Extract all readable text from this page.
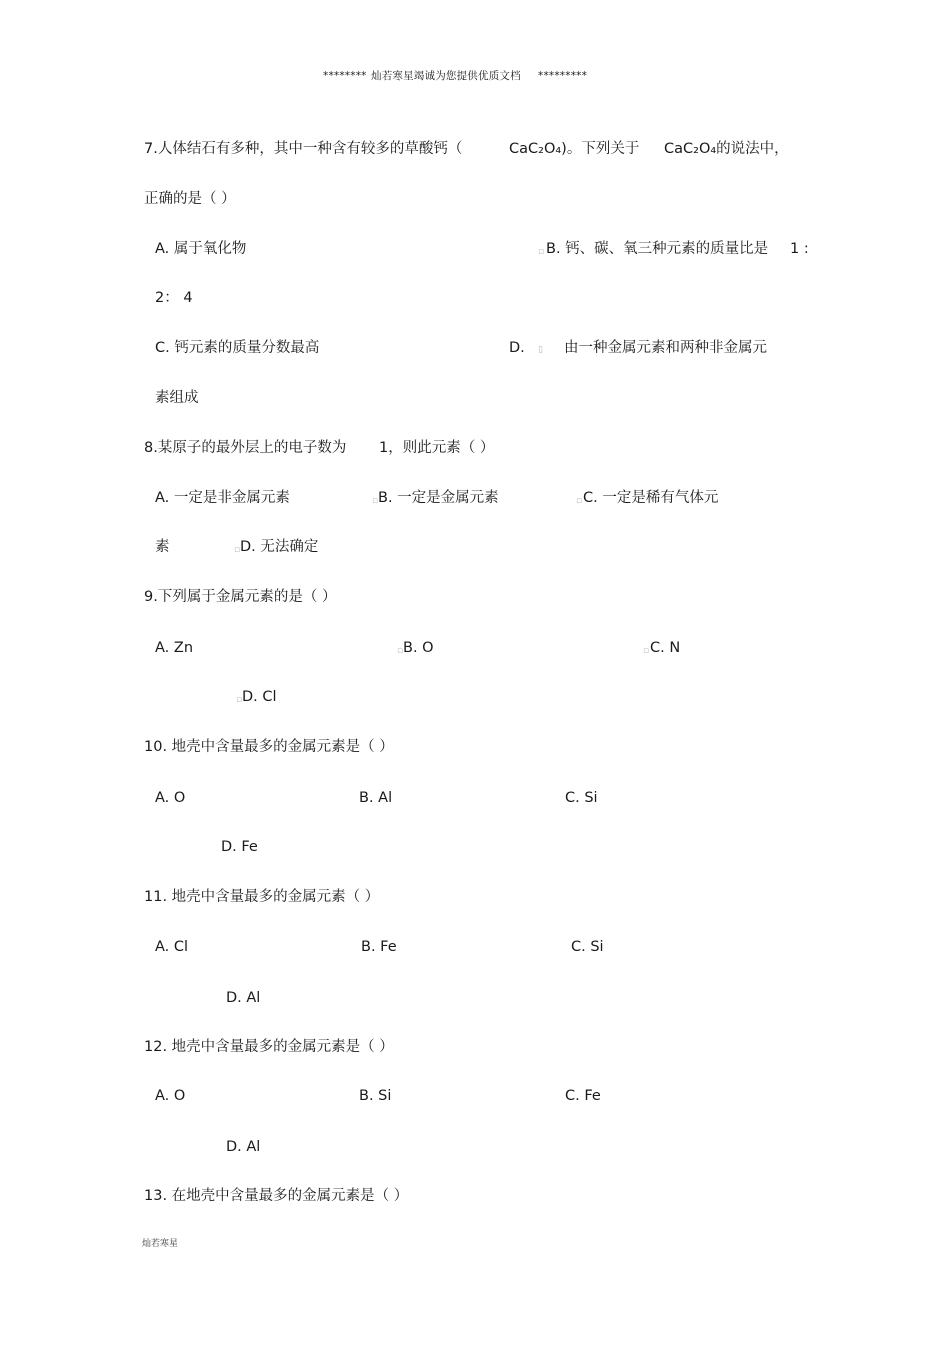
******** 灿若寒星竭诚为您提供优质文档 *********
7.人体结石有多种，其中一种含有较多的草酸钙（	CaC₂O₄)。下列关于 CaC₂O₄的说法中，
正确的是（ ）
A. 属于氧化物	▫ B. 钙、碳、氧三种元素的质量比是 1 :
2： 4
C. 钙元素的质量分数最高	D. ▯ 由一种金属元素和两种非金属元
素组成
8.某原子的最外层上的电子数为 1，则此元素（ ）
A. 一定是非金属元素	▫ B. 一定是金属元素	▫ C. 一定是稀有气体元
素	▫ D. 无法确定
9.下列属于金属元素的是（ ）
A. Zn	▫ B. O	▫ C. N
▫ D. Cl
10. 地壳中含量最多的金属元素是（ ）
A. O	B. Al	C. Si
D. Fe
11. 地壳中含量最多的金属元素（ ）
A. Cl	B. Fe	C. Si
D. Al
12. 地壳中含量最多的金属元素是（ ）
A. O	B. Si	C. Fe
D. Al
13. 在地壳中含量最多的金属元素是（ ）
灿若寒星
